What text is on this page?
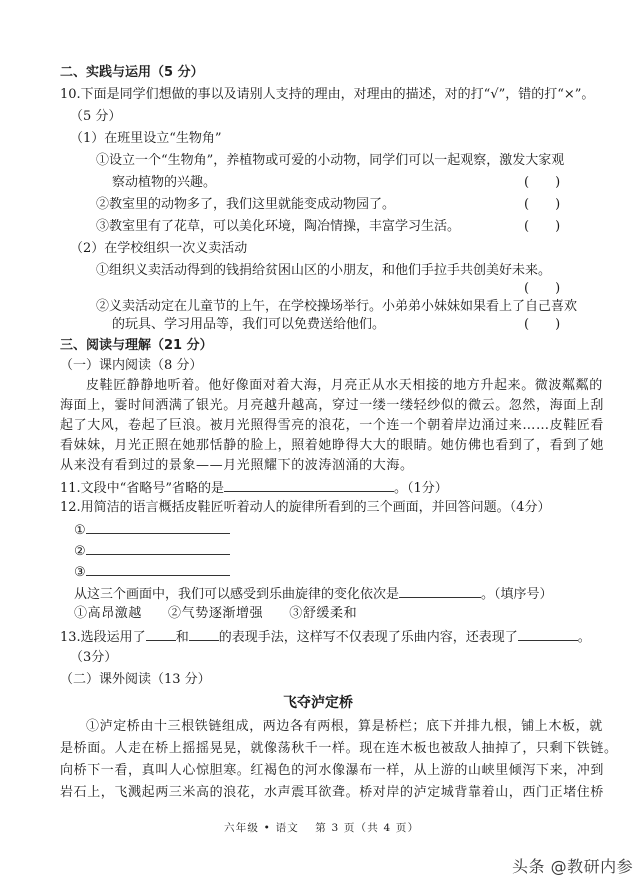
二、实践与运用（5 分）
10.下面是同学们想做的事以及请别人支持的理由，对理由的描述，对的打“√”，错的打“×”。
（5 分）
（1）在班里设立“生物角”
①设立一个“生物角”，养植物或可爱的小动物，同学们可以一起观察，激发大家观
察动植物的兴趣。	(　　)
②教室里的动物多了，我们这里就能变成动物园了。	(　　)
③教室里有了花草，可以美化环境，陶冶情操，丰富学习生活。	(　　)
（2）在学校组织一次义卖活动
①组织义卖活动得到的钱捐给贫困山区的小朋友，和他们手拉手共创美好未来。
(　　)
②义卖活动定在儿童节的上午，在学校操场举行。小弟弟小妹妹如果看上了自己喜欢
的玩具、学习用品等，我们可以免费送给他们。	(　　)
三、阅读与理解（21 分）
（一）课内阅读（8 分）
皮鞋匠静静地听着。他好像面对着大海，月亮正从水天相接的地方升起来。微波粼粼的
海面上，霎时间洒满了银光。月亮越升越高，穿过一缕一缕轻纱似的微云。忽然，海面上刮
起了大风，卷起了巨浪。被月光照得雪亮的浪花，一个连一个朝着岸边涌过来……皮鞋匠看
看妹妹，月光正照在她那恬静的脸上，照着她睁得大大的眼睛。她仿佛也看到了，看到了她
从来没有看到过的景象——月光照耀下的波涛汹涌的大海。
11.文段中“省略号”省略的是	。（1分）
12.用简洁的语言概括皮鞋匠听着动人的旋律所看到的三个画面，并回答问题。（4分）
①
②
③
从这三个画面中，我们可以感受到乐曲旋律的变化依次是	。（填序号）
①高昂激越 ②气势逐渐增强 ③舒缓柔和
13.选段运用了 和 的表现手法，这样写不仅表现了乐曲内容，还表现了	。
（3分）
（二）课外阅读（13 分）
飞夺泸定桥
①泸定桥由十三根铁链组成，两边各有两根，算是桥栏；底下并排九根，铺上木板，就
是桥面。人走在桥上摇摇晃晃，就像荡秋千一样。现在连木板也被敌人抽掉了，只剩下铁链。
向桥下一看，真叫人心惊胆寒。红褐色的河水像瀑布一样，从上游的山峡里倾泻下来，冲到
岩石上，飞溅起两三米高的浪花，水声震耳欲聋。桥对岸的泸定城背靠着山，西门正堵住桥
六年级 • 语文　 第 3 页（共 4 页）
头条 @教研内参
